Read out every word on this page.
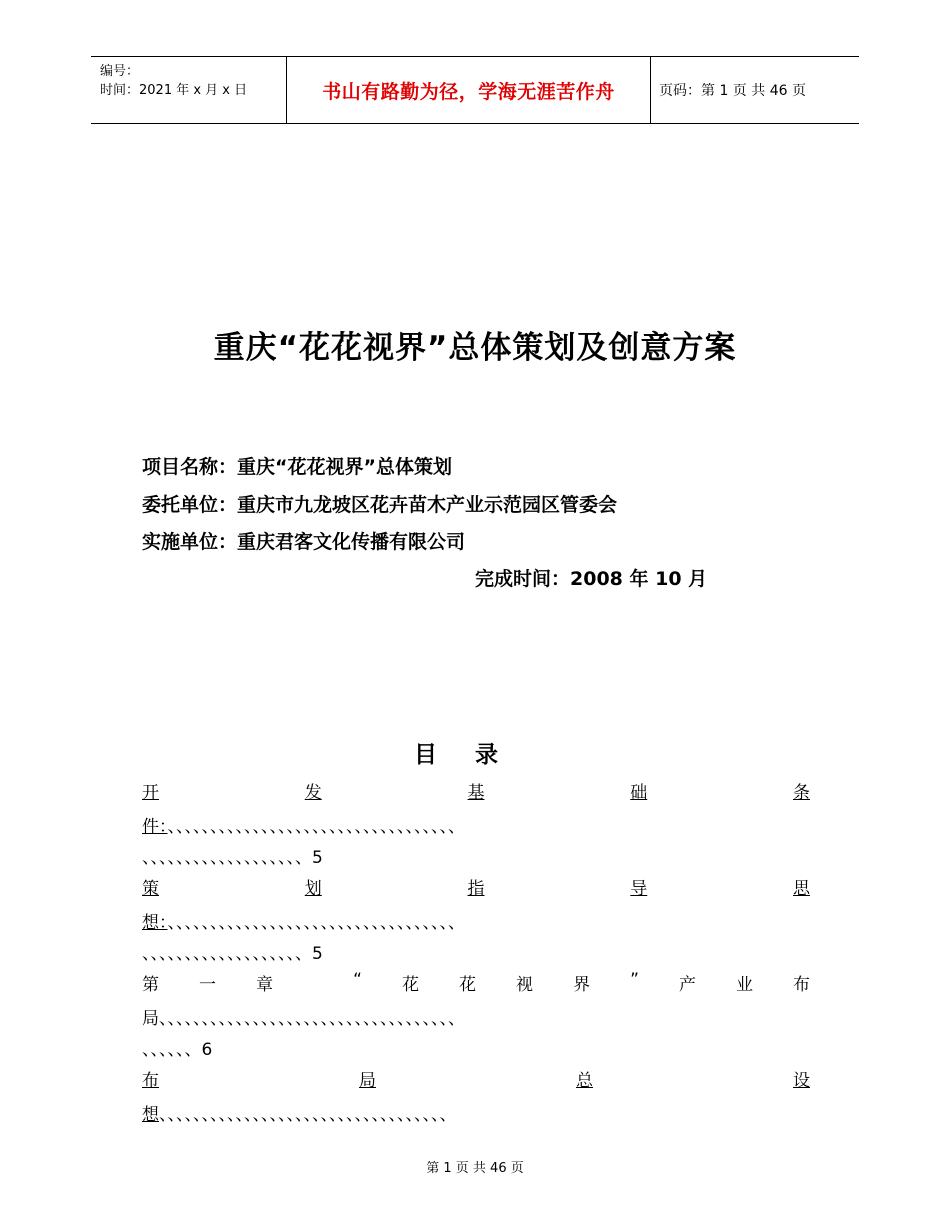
编号：
时间：2021 年 x 月 x 日	书山有路勤为径，学海无涯苦作舟	页码：第 1 页 共 46 页
重庆“花花视界”总体策划及创意方案
项目名称：重庆“花花视界”总体策划
委托单位：重庆市九龙坡区花卉苗木产业示范园区管委会
实施单位：重庆君客文化传播有限公司
完成时间：2008 年 10 月
目录
开	发	基	础	条
件：、、、、、、、、、、、、、、、、、、、、、、、、、、、、、、、、、、
、、、、、、、、、、、、、、、、、、、5
策	划	指	导	思
想：、、、、、、、、、、、、、、、、、、、、、、、、、、、、、、、、、、
、、、、、、、、、、、、、、、、、、、5
第 一 章	“ 花 花 视 界 ” 产 业 布
局、、、、、、、、、、、、、、、、、、、、、、、、、、、、、、、、、、、
、、、、、、6
布	局	总	设
想、、、、、、、、、、、、、、、、、、、、、、、、、、、、、、、、、、
第 1 页 共 46 页
